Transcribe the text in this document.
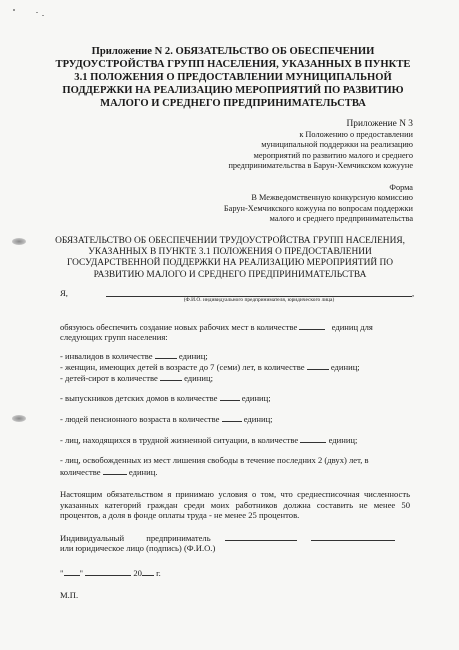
Приложение N 2. ОБЯЗАТЕЛЬСТВО ОБ ОБЕСПЕЧЕНИИ ТРУДОУСТРОЙСТВА ГРУПП НАСЕЛЕНИЯ, УКАЗАННЫХ В ПУНКТЕ 3.1 ПОЛОЖЕНИЯ О ПРЕДОСТАВЛЕНИИ МУНИЦИПАЛЬНОЙ ПОДДЕРЖКИ НА РЕАЛИЗАЦИЮ МЕРОПРИЯТИЙ ПО РАЗВИТИЮ МАЛОГО И СРЕДНЕГО ПРЕДПРИНИМАТЕЛЬСТВА
Приложение N 3
к Положению о предоставлении
муниципальной поддержки на реализацию
мероприятий по развитию малого и среднего
предпринимательства в Барун-Хемчикском кожууне
Форма
В Межведомственную конкурсную комиссию
Барун-Хемчикского кожууна по вопросам поддержки
малого и среднего предпринимательства
ОБЯЗАТЕЛЬСТВО ОБ ОБЕСПЕЧЕНИИ ТРУДОУСТРОЙСТВА ГРУПП НАСЕЛЕНИЯ, УКАЗАННЫХ В ПУНКТЕ 3.1 ПОЛОЖЕНИЯ О ПРЕДОСТАВЛЕНИИ ГОСУДАРСТВЕННОЙ ПОДДЕРЖКИ НА РЕАЛИЗАЦИЮ МЕРОПРИЯТИЙ ПО РАЗВИТИЮ МАЛОГО И СРЕДНЕГО ПРЕДПРИНИМАТЕЛЬСТВА
Я,	,
(Ф.И.О. индивидуального предпринимателя, юридического лица)
обязуюсь обеспечить создание новых рабочих мест в количестве	единиц для
следующих групп населения:
- инвалидов в количестве	единиц;
- женщин, имеющих детей в возрасте до 7 (семи) лет, в количестве	единиц;
- детей-сирот в количестве	единиц;
- выпускников детских домов в количестве	единиц;
- людей пенсионного возраста в количестве	единиц;
- лиц, находящихся в трудной жизненной ситуации, в количестве	единиц;
- лиц, освобожденных из мест лишения свободы в течение последних 2 (двух) лет, в
количестве	единиц.
Настоящим обязательством я принимаю условия о том, что среднесписочная численность указанных категорий граждан среди моих работников должна составить не менее 50 процентов, а доля в фонде оплаты труда - не менее 25 процентов.
Индивидуальный	предприниматель
или юридическое лицо (подпись) (Ф.И.О.)
" "	20 г.
М.П.
